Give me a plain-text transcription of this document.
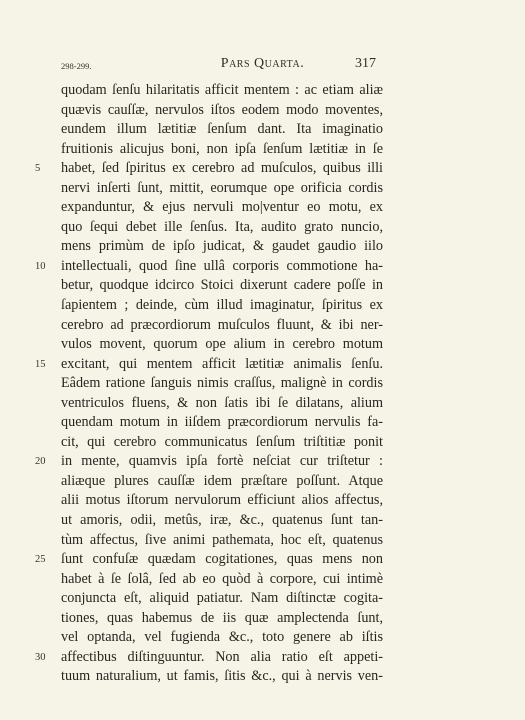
298-299.	Pars Quarta.	317
quodam ſenſu hilaritatis afficit mentem : ac etiam aliæ
quævis cauſſæ, nervulos iſtos eodem modo moventes,
eundem illum lætitiæ ſenſum dant. Ita imaginatio
fruitionis alicujus boni, non ipſa ſenſum lætitiæ in ſe
5	habet, ſed ſpiritus ex cerebro ad muſculos, quibus illi
nervi inſerti ſunt, mittit, eorumque ope orificia cordis
expanduntur, & ejus nervuli mo|ventur eo motu, ex
quo ſequi debet ille ſenſus. Ita, audito grato nuncio,
mens primùm de ipſo judicat, & gaudet gaudio iilo
10	intellectuali, quod ſine ullâ corporis commotione ha-
betur, quodque idcirco Stoici dixerunt cadere poſſe in
ſapientem ; deinde, cùm illud imaginatur, ſpiritus ex
cerebro ad præcordiorum muſculos fluunt, & ibi ner-
vulos movent, quorum ope alium in cerebro motum
15	excitant, qui mentem afficit lætitiæ animalis ſenſu.
Eâdem ratione ſanguis nimis craſſus, malignè in cordis
ventriculos fluens, & non ſatis ibi ſe dilatans, alium
quendam motum in iiſdem præcordiorum nervulis fa-
cit, qui cerebro communicatus ſenſum triſtitiæ ponit
20	in mente, quamvis ipſa fortè neſciat cur triſtetur :
aliæque plures cauſſæ idem præſtare poſſunt. Atque
alii motus iſtorum nervulorum efficiunt alios affectus,
ut amoris, odii, metûs, iræ, &c., quatenus ſunt tan-
tùm affectus, ſive animi pathemata, hoc eſt, quatenus
25	ſunt confuſæ quædam cogitationes, quas mens non
habet à ſe ſolâ, ſed ab eo quòd à corpore, cui intimè
conjuncta eſt, aliquid patiatur. Nam diſtinctæ cogita-
tiones, quas habemus de iis quæ amplectenda ſunt,
vel optanda, vel fugienda &c., toto genere ab iſtis
30	affectibus diſtinguuntur. Non alia ratio eſt appeti-
tuum naturalium, ut famis, ſitis &c., qui à nervis ven-
